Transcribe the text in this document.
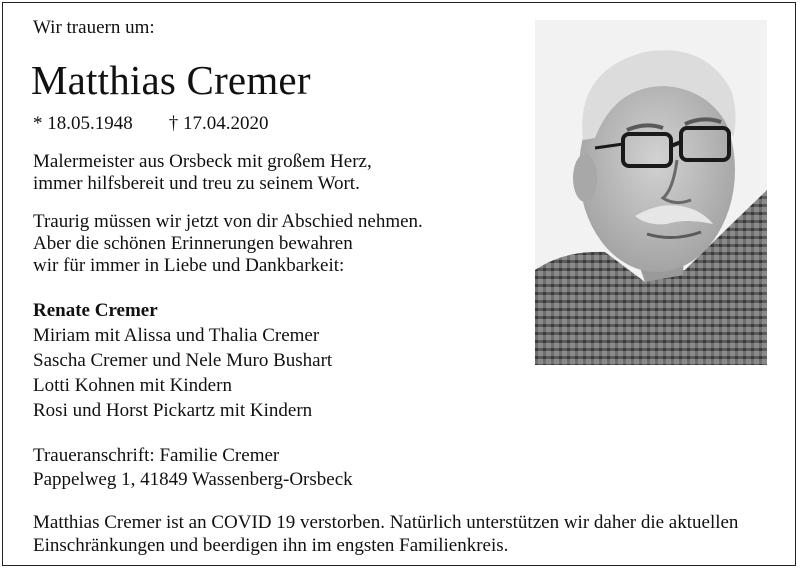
Wir trauern um:
Matthias Cremer
* 18.05.1948 † 17.04.2020
Malermeister aus Orsbeck mit großem Herz,
immer hilfsbereit und treu zu seinem Wort.
Traurig müssen wir jetzt von dir Abschied nehmen.
Aber die schönen Erinnerungen bewahren
wir für immer in Liebe und Dankbarkeit:
Renate Cremer
Miriam mit Alissa und Thalia Cremer
Sascha Cremer und Nele Muro Bushart
Lotti Kohnen mit Kindern
Rosi und Horst Pickartz mit Kindern
Traueranschrift: Familie Cremer
Pappelweg 1, 41849 Wassenberg-Orsbeck
Matthias Cremer ist an COVID 19 verstorben. Natürlich unterstützen wir daher die aktuellen
Einschränkungen und beerdigen ihn im engsten Familienkreis.
